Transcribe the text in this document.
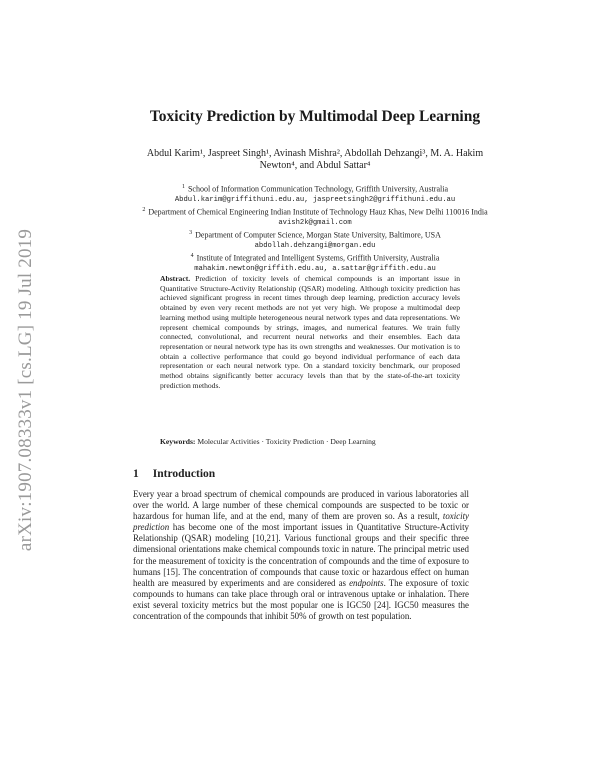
arXiv:1907.08333v1 [cs.LG] 19 Jul 2019
Toxicity Prediction by Multimodal Deep Learning
Abdul Karim¹, Jaspreet Singh¹, Avinash Mishra², Abdollah Dehzangi³, M. A. Hakim Newton⁴, and Abdul Sattar⁴

$^1$ School of Information Communication Technology, Griffith University, Australia
Abdul.karim@griffithuni.edu.au, jaspreetsingh2@griffithuni.edu.au

$^2$ Department of Chemical Engineering Indian Institute of Technology Hauz Khas, New Delhi 110016 India avish2k@gmail.com

$^3$ Department of Computer Science, Morgan State University, Baltimore, USA
abdollah.dehzangi@morgan.edu

$^4$ Institute of Integrated and Intelligent Systems, Griffith University, Australia
mahakim.newton@griffith.edu.au, a.sattar@griffith.edu.au

Abstract. Prediction of toxicity levels of chemical compounds is an important issue in Quantitative Structure-Activity Relationship (QSAR) modeling. Although toxicity prediction has achieved significant progress in recent times through deep learning, prediction accuracy levels obtained by even very recent methods are not yet very high. We propose a multimodal deep learning method using multiple heterogeneous neural network types and data representations. We represent chemical compounds by strings, images, and numerical features. We train fully connected, convolutional, and recurrent neural networks and their ensembles. Each data representation or neural network type has its own strengths and weaknesses. Our motivation is to obtain a collective performance that could go beyond individual performance of each data representation or each neural network type. On a standard toxicity benchmark, our proposed method obtains significantly better accuracy levels than that by the state-of-the-art toxicity prediction methods.
Keywords: Molecular Activities · Toxicity Prediction · Deep Learning
1 Introduction
Every year a broad spectrum of chemical compounds are produced in various laboratories all over the world. A large number of these chemical compounds are suspected to be toxic or hazardous for human life, and at the end, many of them are proven so. As a result, toxicity prediction has become one of the most important issues in Quantitative Structure-Activity Relationship (QSAR) modeling [10,21]. Various functional groups and their specific three dimensional orientations make chemical compounds toxic in nature. The principal metric used for the measurement of toxicity is the concentration of compounds and the time of exposure to humans [15]. The concentration of compounds that cause toxic or hazardous effect on human health are measured by experiments and are considered as endpoints. The exposure of toxic compounds to humans can take place through oral or intravenous uptake or inhalation. There exist several toxicity metrics but the most popular one is IGC50 [24]. IGC50 measures the concentration of the compounds that inhibit 50% of growth on test population.
